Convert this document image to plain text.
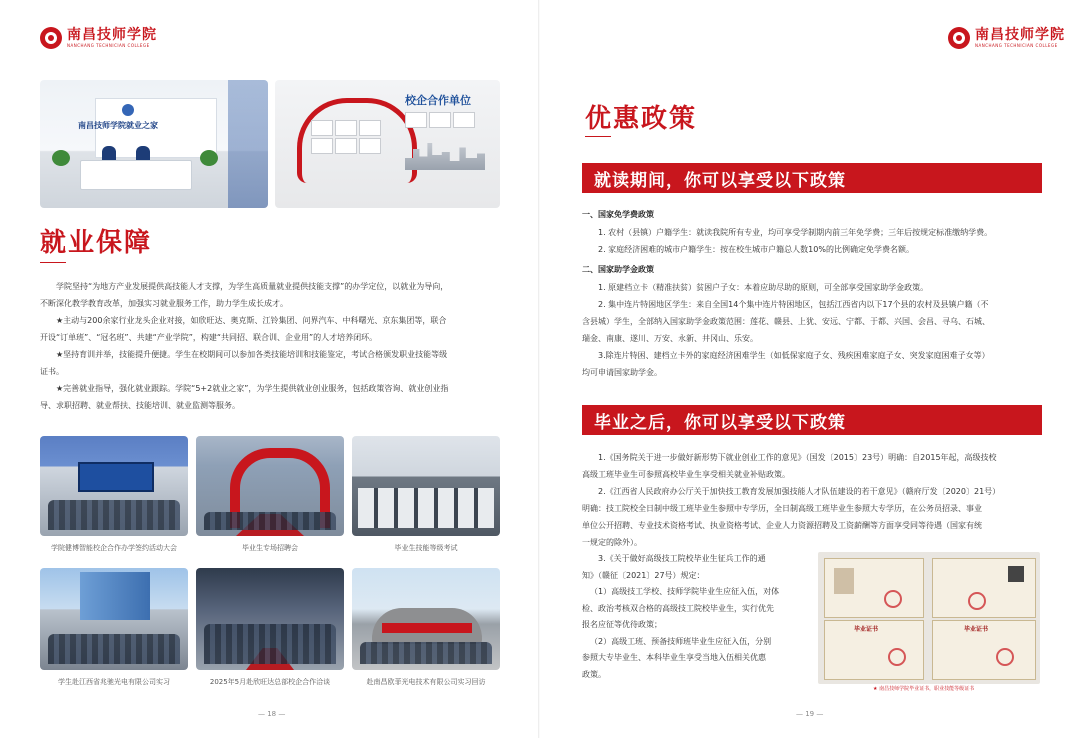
南昌技师学院
NANCHANG TECHNICIAN COLLEGE
南昌技师学院就业之家
校企合作单位
就业保障
学院坚持“为地方产业发展提供高技能人才支撑，为学生高质量就业提供技能支撑”的办学定位，以就业为导向，
不断深化教学教育改革，加强实习就业服务工作，助力学生成长成才。
★主动与200余家行业龙头企业对接，如欣旺达、奥克斯、江铃集团、问界汽车、中科曙光、京东集团等，联合
开设“订单班”、“冠名班”、共建“产业学院”，构建“共同招、联合训、企业用”的人才培养闭环。
★坚持育训并举，技能提升便捷。学生在校期间可以参加各类技能培训和技能鉴定，考试合格颁发职业技能等级
证书。
★完善就业指导，强化就业跟踪。学院“5+2就业之家”，为学生提供就业创业服务，包括政策咨询、就业创业指
导、求职招聘、就业帮扶、技能培训、就业监测等服务。
学院健博智能校企合作办学签约活动大会	毕业生专场招聘会	毕业生技能等级考试
学生赴江西省兆驰光电有限公司实习	2025年5月赴欣旺达总部校企合作洽谈	赴南昌欧菲光电技术有限公司实习回访
— 18 —
南昌技师学院
NANCHANG TECHNICIAN COLLEGE
优惠政策
就读期间，你可以享受以下政策
一、国家免学费政策
1. 农村（县镇）户籍学生：就读我院所有专业，均可享受学制期内前三年免学费；三年后按规定标准缴纳学费。
2. 家庭经济困难的城市户籍学生：按在校生城市户籍总人数10%的比例确定免学费名额。
二、国家助学金政策
1. 原建档立卡（精准扶贫）贫困户子女：本着应助尽助的原则，可全部享受国家助学金政策。
2. 集中连片特困地区学生：来自全国14个集中连片特困地区，包括江西省内以下17个县的农村及县镇户籍（不
含县城）学生，全部纳入国家助学金政策范围：莲花、赣县、上犹、安远、宁都、于都、兴国、会昌、寻乌、石城、
瑞金、南康、遂川、万安、永新、井冈山、乐安。
3.除连片特困、建档立卡外的家庭经济困难学生（如低保家庭子女、残疾困难家庭子女、突发家庭困难子女等）
均可申请国家助学金。
毕业之后，你可以享受以下政策
1.《国务院关于进一步做好新形势下就业创业工作的意见》（国发〔2015〕23号）明确：自2015年起，高级技校
高级工班毕业生可参照高校毕业生享受相关就业补贴政策。
2.《江西省人民政府办公厅关于加快技工教育发展加强技能人才队伍建设的若干意见》（赣府厅发〔2020〕21号）
明确：技工院校全日制中级工班毕业生参照中专学历，全日制高级工班毕业生参照大专学历，在公务员招录、事业
单位公开招聘、专业技术资格考试、执业资格考试、企业人力资源招聘及工资薪酬等方面享受同等待遇（国家有统
一规定的除外）。
3.《关于做好高级技工院校毕业生征兵工作的通
知》（赣征〔2021〕27号）规定：
（1）高级技工学校、技师学院毕业生应征入伍，对体
检、政治考核双合格的高级技工院校毕业生，实行优先
报名应征等优待政策；
（2）高级工班、预备技师班毕业生应征入伍，分别
参照大专毕业生、本科毕业生享受当地入伍相关优惠
政策。
毕业证书	毕业证书
★ 南昌技师学院毕业证书，职业技能等级证书
— 19 —
